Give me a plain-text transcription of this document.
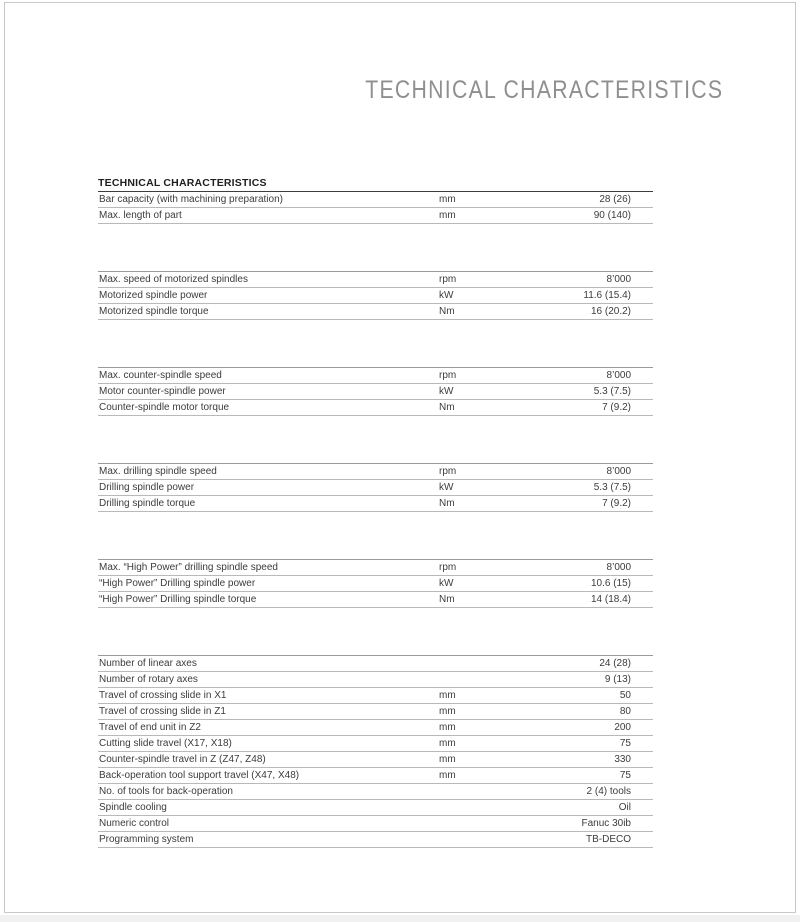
TECHNICAL CHARACTERISTICS
TECHNICAL CHARACTERISTICS
Bar capacity (with machining preparation)	mm	28 (26)
Max. length of part	mm	90 (140)
Max. speed of motorized spindles	rpm	8’000
Motorized spindle power	kW	11.6 (15.4)
Motorized spindle torque	Nm	16 (20.2)
Max. counter-spindle speed	rpm	8’000
Motor counter-spindle power	kW	5.3 (7.5)
Counter-spindle motor torque	Nm	7 (9.2)
Max. drilling spindle speed	rpm	8’000
Drilling spindle power	kW	5.3 (7.5)
Drilling spindle torque	Nm	7 (9.2)
Max. “High Power” drilling spindle speed	rpm	8’000
“High Power” Drilling spindle power	kW	10.6 (15)
“High Power” Drilling spindle torque	Nm	14 (18.4)
Number of linear axes	24 (28)
Number of rotary axes	9 (13)
Travel of crossing slide in X1	mm	50
Travel of crossing slide in Z1	mm	80
Travel of end unit in Z2	mm	200
Cutting slide travel (X17, X18)	mm	75
Counter-spindle travel in Z (Z47, Z48)	mm	330
Back-operation tool support travel (X47, X48)	mm	75
No. of tools for back-operation	2 (4) tools
Spindle cooling	Oil
Numeric control	Fanuc 30ib
Programming system	TB-DECO
